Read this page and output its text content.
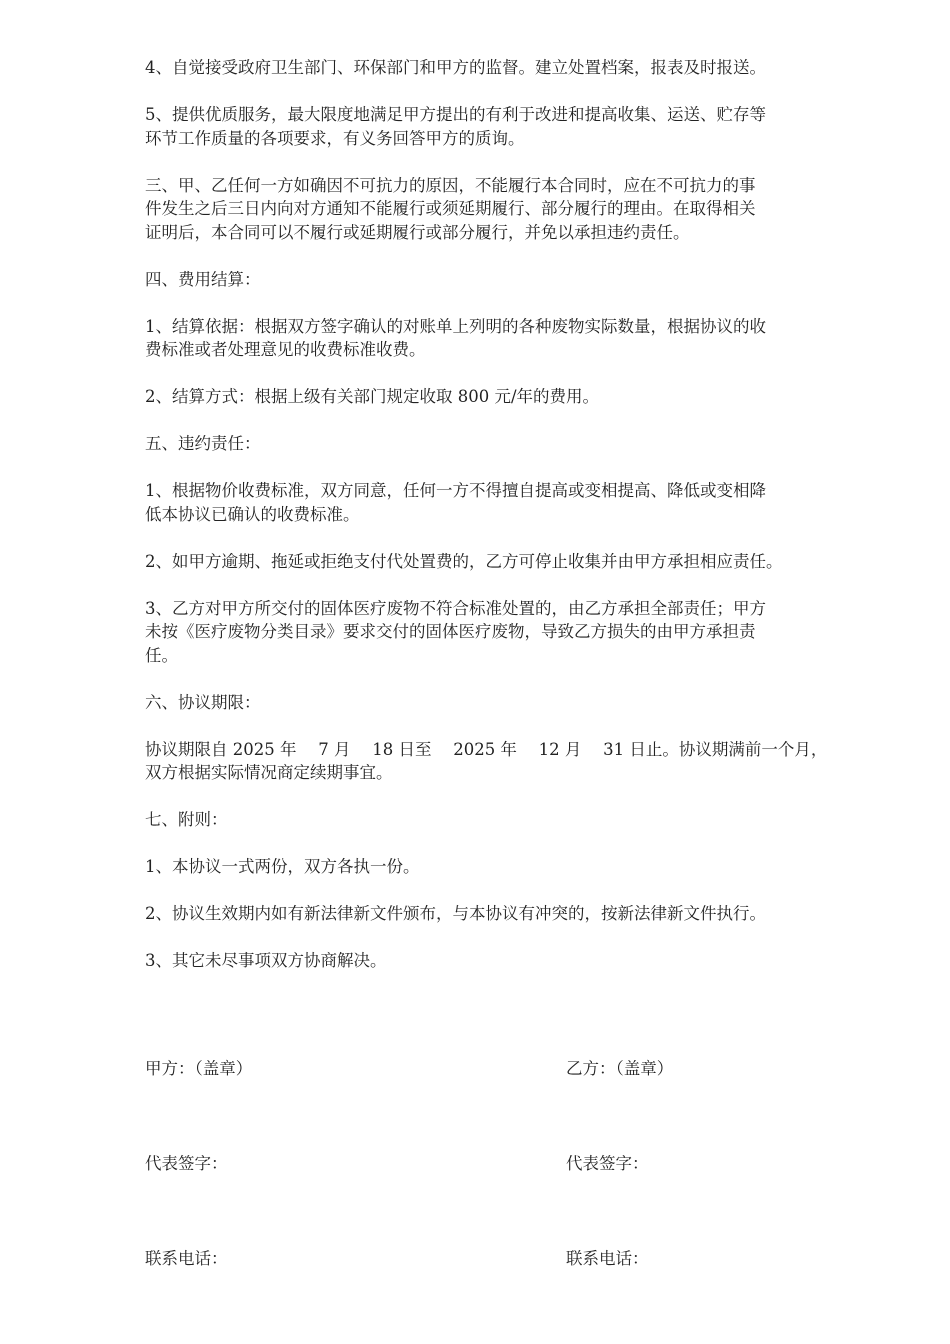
4、自觉接受政府卫生部门、环保部门和甲方的监督。建立处置档案，报表及时报送。

5、提供优质服务，最大限度地满足甲方提出的有利于改进和提高收集、运送、贮存等
环节工作质量的各项要求，有义务回答甲方的质询。

三、甲、乙任何一方如确因不可抗力的原因，不能履行本合同时，应在不可抗力的事
件发生之后三日内向对方通知不能履行或须延期履行、部分履行的理由。在取得相关
证明后，本合同可以不履行或延期履行或部分履行，并免以承担违约责任。

四、费用结算：

1、结算依据：根据双方签字确认的对账单上列明的各种废物实际数量，根据协议的收
费标准或者处理意见的收费标准收费。

2、结算方式：根据上级有关部门规定收取 800 元/年的费用。

五、违约责任：

1、根据物价收费标准，双方同意，任何一方不得擅自提高或变相提高、降低或变相降
低本协议已确认的收费标准。

2、如甲方逾期、拖延或拒绝支付代处置费的，乙方可停止收集并由甲方承担相应责任。

3、乙方对甲方所交付的固体医疗废物不符合标准处置的，由乙方承担全部责任；甲方
未按《医疗废物分类目录》要求交付的固体医疗废物，导致乙方损失的由甲方承担责
任。

六、协议期限：

协议期限自 2025 年　 7 月　 18 日至　 2025 年　 12 月　 31 日止。协议期满前一个月，
双方根据实际情况商定续期事宜。

七、附则：

1、本协议一式两份，双方各执一份。

2、协议生效期内如有新法律新文件颁布，与本协议有冲突的，按新法律新文件执行。

3、其它未尽事项双方协商解决。

甲方：（盖章）	乙方：（盖章）
代表签字：	代表签字：
联系电话：	联系电话：
